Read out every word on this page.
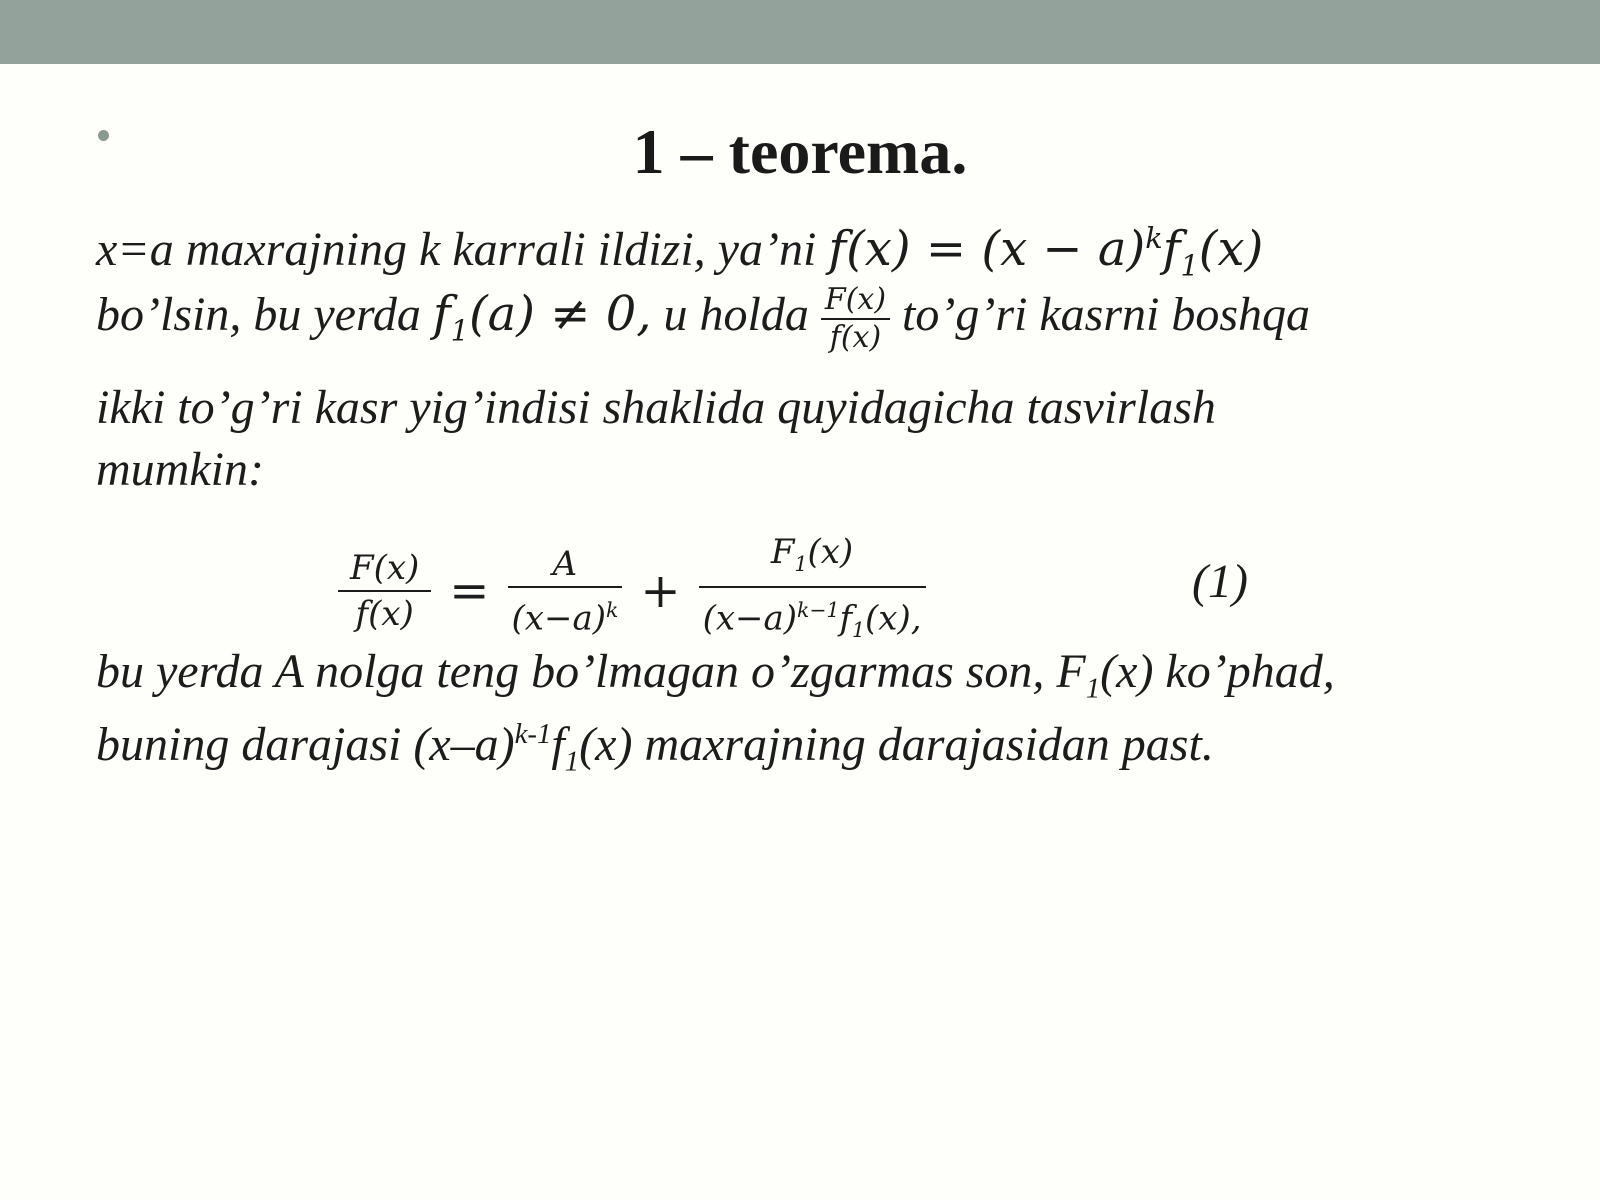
1 – teorema.
x=a maxrajning k karrali ildizi, ya’ni $f(x) = (x - a)^kf_1(x)$
bo’lsin, bu yerda $f_1(a) \ne 0$, u holda $\frac{F(x)}{f(x)}$ to’g’ri kasrni boshqa
ikki to’g’ri kasr yig’indisi shaklida quyidagicha tasvirlash
mumkin:
$\frac{F(x)}{f(x)} = \frac{A}{(x-a)^k} + \frac{F_1(x)}{(x-a)^{k-1}f_1(x),}$	(1)
bu yerda A nolga teng bo’lmagan o’zgarmas son, $F_1(x)$ ko’phad,
buning darajasi $(x-a)^{k-1}f_1(x)$ maxrajning darajasidan past.
